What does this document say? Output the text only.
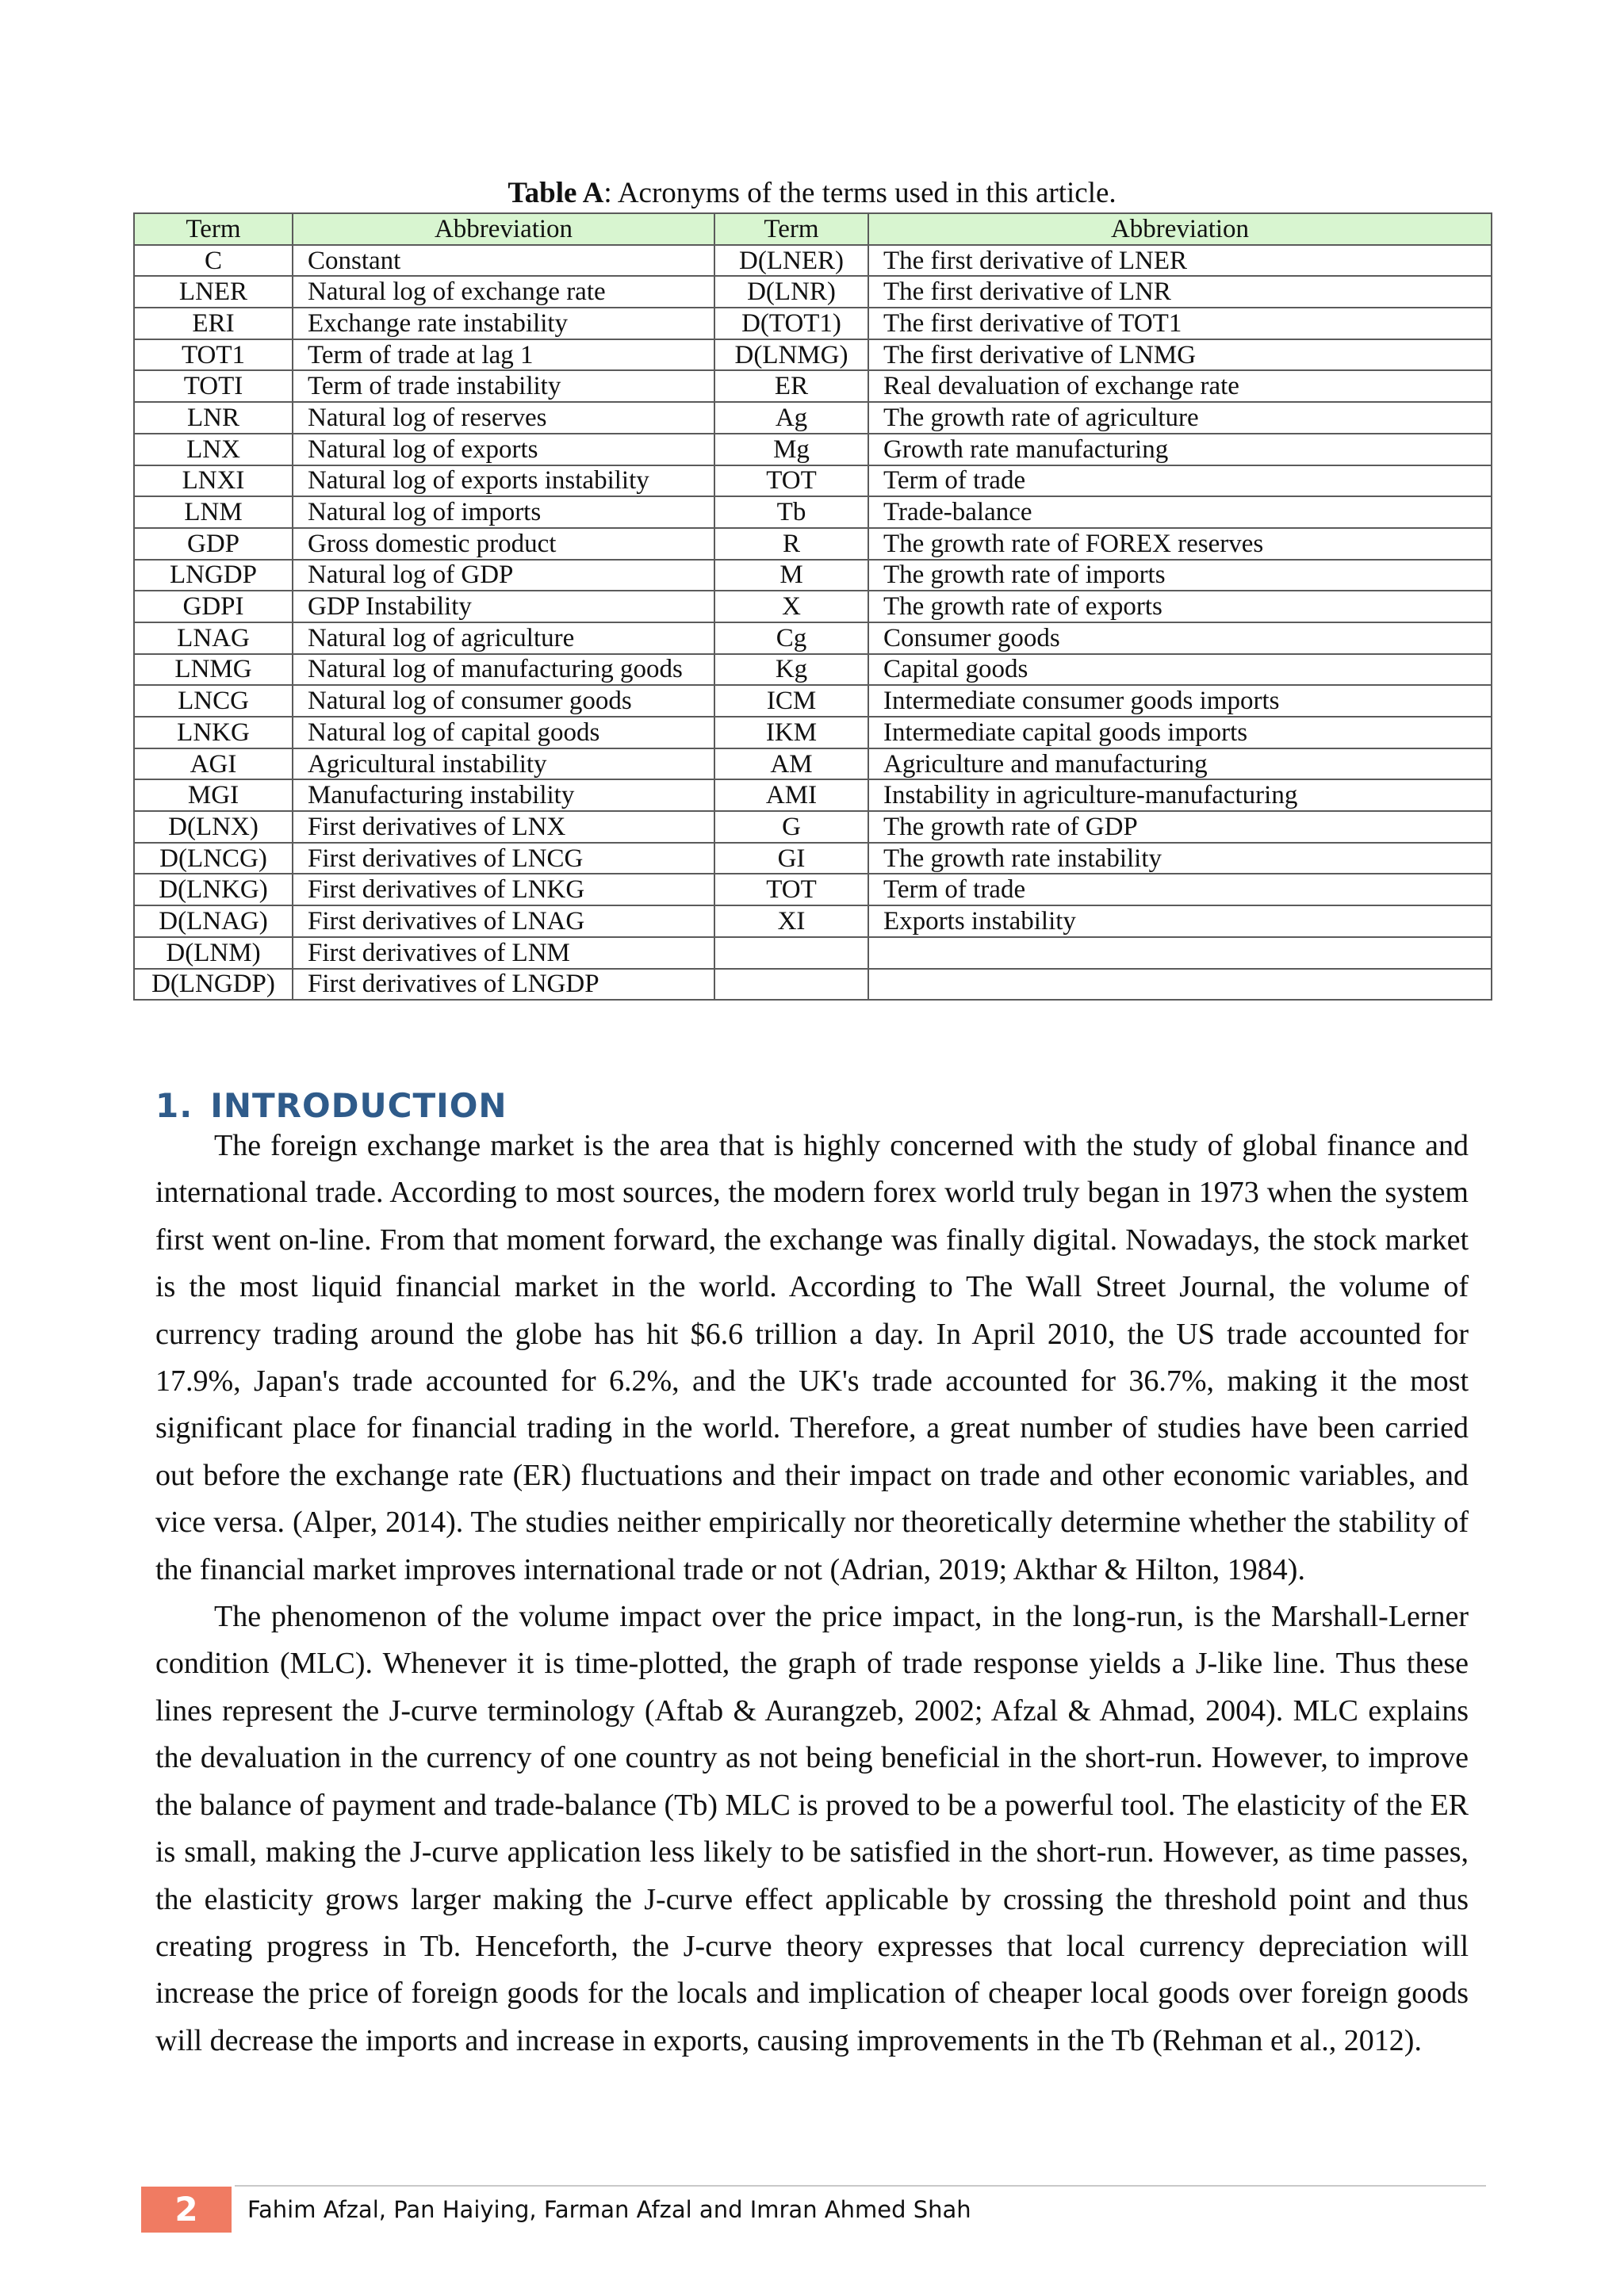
Table A: Acronyms of the terms used in this article.
Term	Abbreviation	Term	Abbreviation
C	Constant	D(LNER)	The first derivative of LNER
LNER	Natural log of exchange rate	D(LNR)	The first derivative of LNR
ERI	Exchange rate instability	D(TOT1)	The first derivative of TOT1
TOT1	Term of trade at lag 1	D(LNMG)	The first derivative of LNMG
TOTI	Term of trade instability	ER	Real devaluation of exchange rate
LNR	Natural log of reserves	Ag	The growth rate of agriculture
LNX	Natural log of exports	Mg	Growth rate manufacturing
LNXI	Natural log of exports instability	TOT	Term of trade
LNM	Natural log of imports	Tb	Trade-balance
GDP	Gross domestic product	R	The growth rate of FOREX reserves
LNGDP	Natural log of GDP	M	The growth rate of imports
GDPI	GDP Instability	X	The growth rate of exports
LNAG	Natural log of agriculture	Cg	Consumer goods
LNMG	Natural log of manufacturing goods	Kg	Capital goods
LNCG	Natural log of consumer goods	ICM	Intermediate consumer goods imports
LNKG	Natural log of capital goods	IKM	Intermediate capital goods imports
AGI	Agricultural instability	AM	Agriculture and manufacturing
MGI	Manufacturing instability	AMI	Instability in agriculture-manufacturing
D(LNX)	First derivatives of LNX	G	The growth rate of GDP
D(LNCG)	First derivatives of LNCG	GI	The growth rate instability
D(LNKG)	First derivatives of LNKG	TOT	Term of trade
D(LNAG)	First derivatives of LNAG	XI	Exports instability
D(LNM)	First derivatives of LNM		
D(LNGDP)	First derivatives of LNGDP		
1. INTRODUCTION

The foreign exchange market is the area that is highly concerned with the study of global finance and international trade. According to most sources, the modern forex world truly began in 1973 when the system first went on-line. From that moment forward, the exchange was finally digital. Nowadays, the stock market is the most liquid financial market in the world. According to The Wall Street Journal, the volume of currency trading around the globe has hit $6.6 trillion a day. In April 2010, the US trade accounted for 17.9%, Japan's trade accounted for 6.2%, and the UK's trade accounted for 36.7%, making it the most significant place for financial trading in the world. Therefore, a great number of studies have been carried out before the exchange rate (ER) fluctuations and their impact on trade and other economic variables, and vice versa. (Alper, 2014). The studies neither empirically nor theoretically determine whether the stability of the financial market improves international trade or not (Adrian, 2019; Akthar & Hilton, 1984).

The phenomenon of the volume impact over the price impact, in the long-run, is the Marshall-Lerner condition (MLC). Whenever it is time-plotted, the graph of trade response yields a J-like line. Thus these lines represent the J-curve terminology (Aftab & Aurangzeb, 2002; Afzal & Ahmad, 2004). MLC explains the devaluation in the currency of one country as not being beneficial in the short-run. However, to improve the balance of payment and trade-balance (Tb) MLC is proved to be a powerful tool. The elasticity of the ER is small, making the J-curve application less likely to be satisfied in the short-run. However, as time passes, the elasticity grows larger making the J-curve effect applicable by crossing the threshold point and thus creating progress in Tb. Henceforth, the J-curve theory expresses that local currency depreciation will increase the price of foreign goods for the locals and implication of cheaper local goods over foreign goods will decrease the imports and increase in exports, causing improvements in the Tb (Rehman et al., 2012).

2	Fahim Afzal, Pan Haiying, Farman Afzal and Imran Ahmed Shah
